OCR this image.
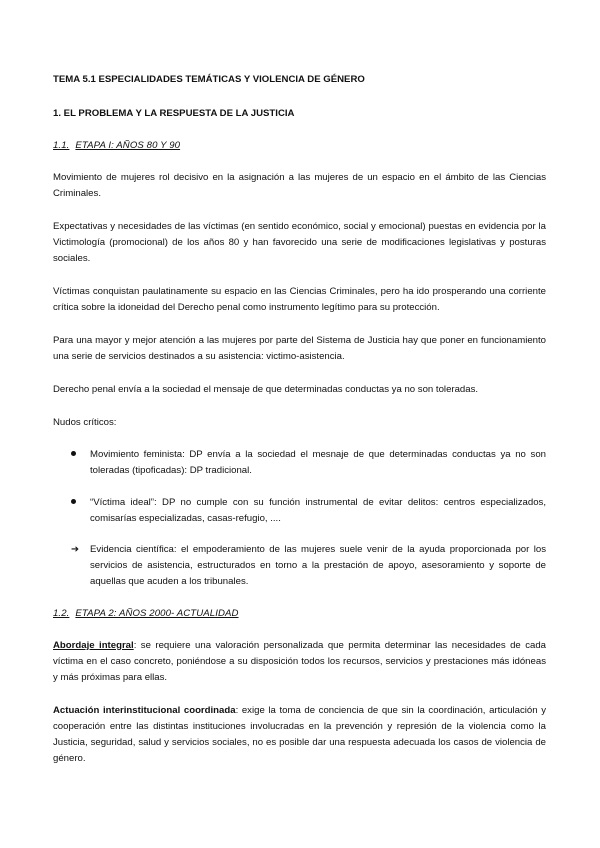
TEMA 5.1 ESPECIALIDADES TEMÁTICAS Y VIOLENCIA DE GÉNERO
1. EL PROBLEMA Y LA RESPUESTA DE LA JUSTICIA
1.1. ETAPA I: AÑOS 80 Y 90

Movimiento de mujeres rol decisivo en la asignación a las mujeres de un espacio en el ámbito de las Ciencias Criminales.

Expectativas y necesidades de las víctimas (en sentido económico, social y emocional) puestas en evidencia por la Victimología (promocional) de los años 80 y han favorecido una serie de modificaciones legislativas y posturas sociales.

Víctimas conquistan paulatinamente su espacio en las Ciencias Criminales, pero ha ido prosperando una corriente crítica sobre la idoneidad del Derecho penal como instrumento legítimo para su protección.

Para una mayor y mejor atención a las mujeres por parte del Sistema de Justicia hay que poner en funcionamiento una serie de servicios destinados a su asistencia: victimo-asistencia.

Derecho penal envía a la sociedad el mensaje de que determinadas conductas ya no son toleradas.

Nudos críticos:

Movimiento feminista: DP envía a la sociedad el mesnaje de que determinadas conductas ya no son toleradas (tipoficadas): DP tradicional.
“Víctima ideal”: DP no cumple con su función instrumental de evitar delitos: centros especializados, comisarías especializadas, casas-refugio, ....
➔	Evidencia científica: el empoderamiento de las mujeres suele venir de la ayuda proporcionada por los servicios de asistencia, estructurados en torno a la prestación de apoyo, asesoramiento y soporte de aquellas que acuden a los tribunales.
1.2. ETAPA 2: AÑOS 2000- ACTUALIDAD

Abordaje integral: se requiere una valoración personalizada que permita determinar las necesidades de cada víctima en el caso concreto, poniéndose a su disposición todos los recursos, servicios y prestaciones más idóneas y más próximas para ellas.

Actuación interinstitucional coordinada: exige la toma de conciencia de que sin la coordinación, articulación y cooperación entre las distintas instituciones involucradas en la prevención y represión de la violencia como la Justicia, seguridad, salud y servicios sociales, no es posible dar una respuesta adecuada los casos de violencia de género.
